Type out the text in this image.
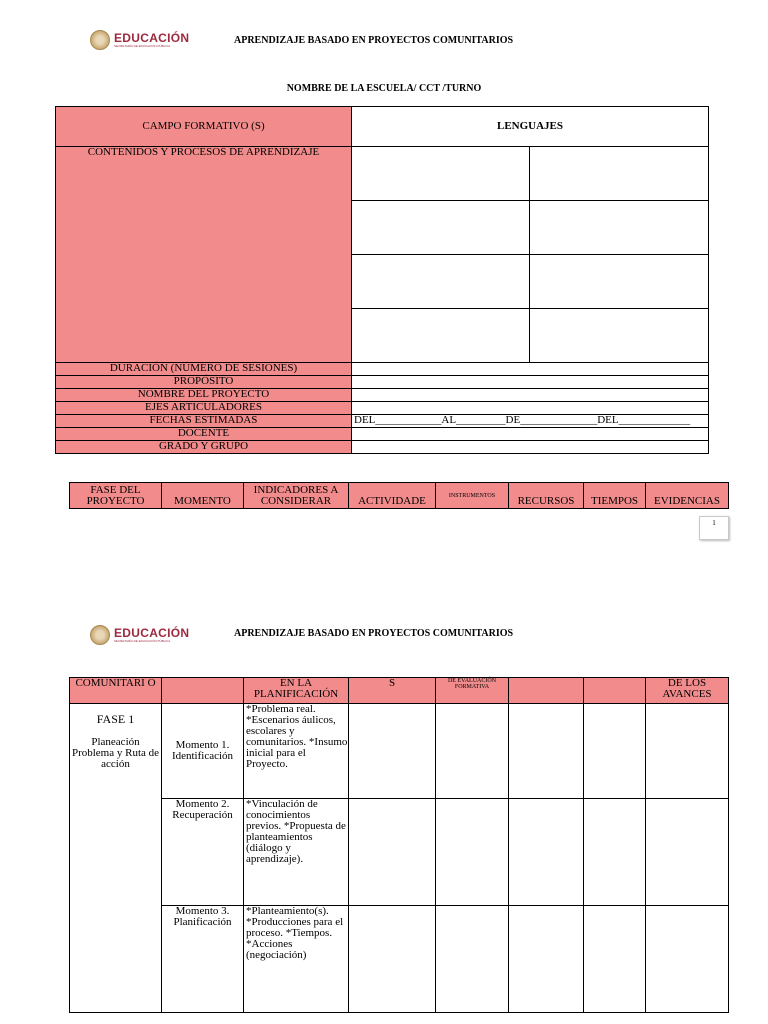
EDUCACIÓN
SECRETARÍA DE EDUCACIÓN PÚBLICA	APRENDIZAJE BASADO EN PROYECTOS COMUNITARIOS
NOMBRE DE LA ESCUELA/ CCT /TURNO
CAMPO FORMATIVO (S)	LENGUAJES	
CONTENIDOS Y PROCESOS DE APRENDIZAJE		

DURACIÓN (NÚMERO DE SESIONES)		
PROPÓSITO		
NOMBRE DEL PROYECTO		
EJES ARTICULADORES		
FECHAS ESTIMADAS	DEL____________AL_________DE______________DEL_____________	
DOCENTE		
GRADO Y GRUPO		
FASE DEL PROYECTO	MOMENTO	INDICADORES A CONSIDERAR	ACTIVIDADE	INSTRUMENTOS	RECURSOS	TIEMPOS	EVIDENCIAS
1
EDUCACIÓN
SECRETARÍA DE EDUCACIÓN PÚBLICA
APRENDIZAJE BASADO EN PROYECTOS COMUNITARIOS
COMUNITARI O		EN LA PLANIFICACIÓN	S	DE EVALUACIÓN FORMATIVA			DE LOS AVANCES

FASE 1
Planeación Problema y Ruta de acción	Momento 1. Identificación	*Problema real. *Escenarios áulicos, escolares y comunitarios. *Insumo inicial para el Proyecto.					
	Momento 2. Recuperación	*Vinculación de conocimientos previos. *Propuesta de planteamientos (diálogo y aprendizaje).					
	Momento 3. Planificación	*Planteamiento(s). *Producciones para el proceso. *Tiempos. *Acciones (negociación)					
